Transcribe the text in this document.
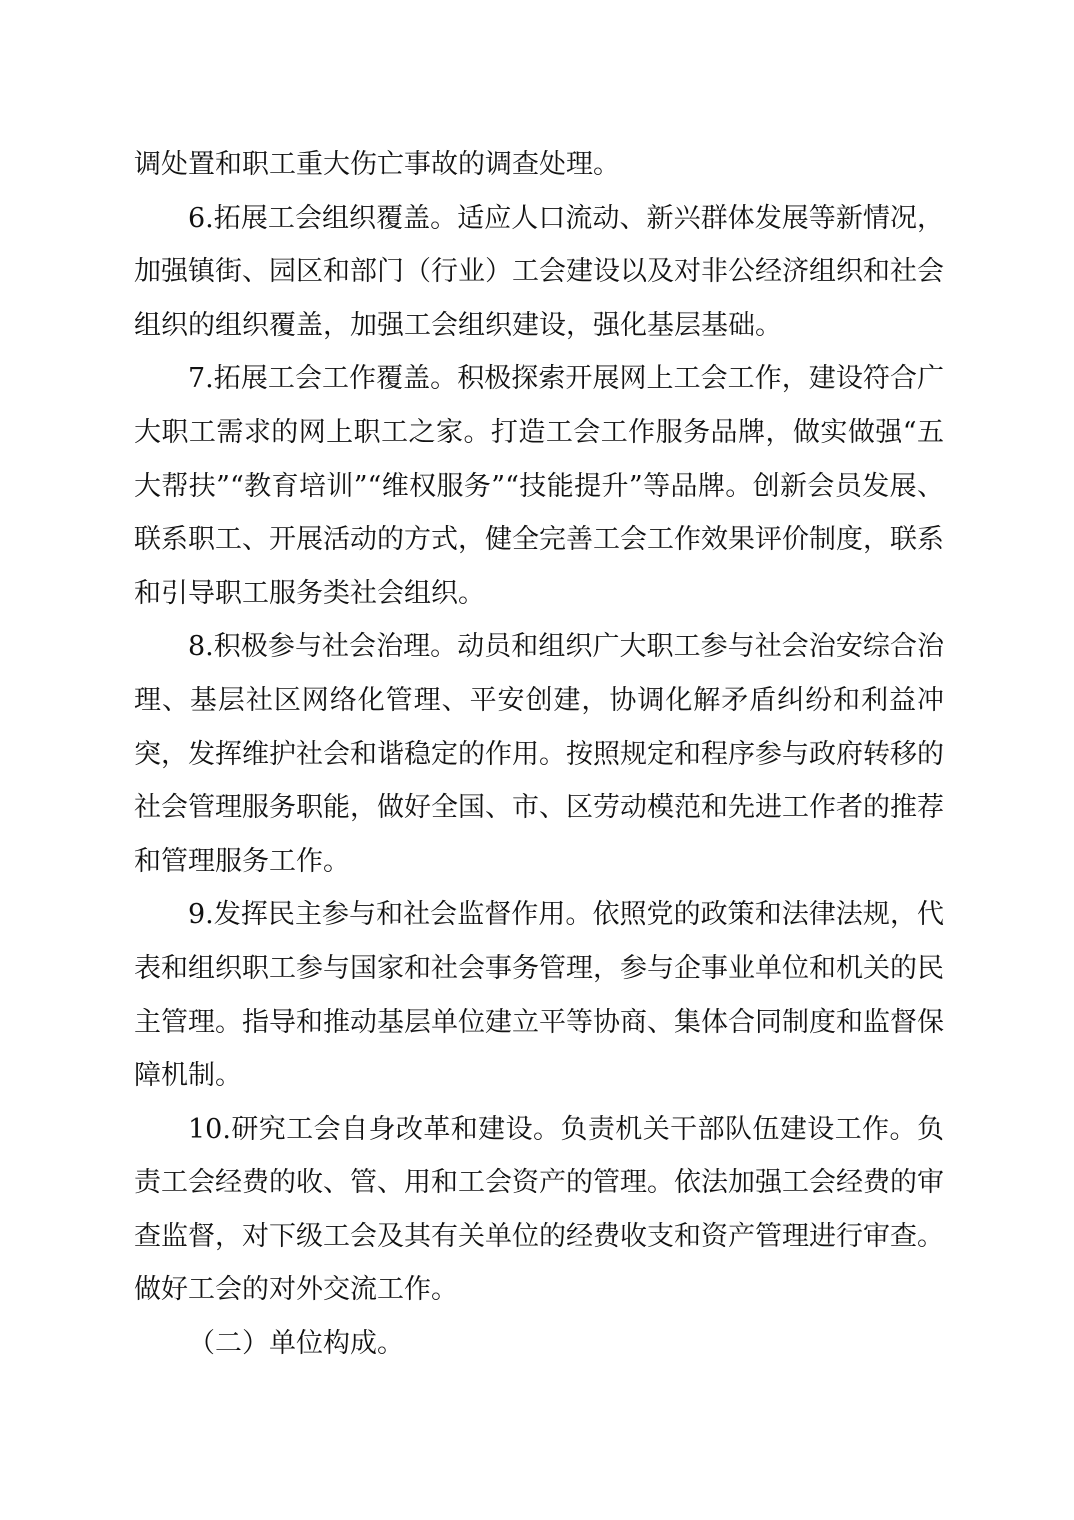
调处置和职工重大伤亡事故的调查处理。

6.拓展工会组织覆盖。适应人口流动、新兴群体发展等新情况，加强镇街、园区和部门（行业）工会建设以及对非公经济组织和社会组织的组织覆盖，加强工会组织建设，强化基层基础。

7.拓展工会工作覆盖。积极探索开展网上工会工作，建设符合广大职工需求的网上职工之家。打造工会工作服务品牌，做实做强“五大帮扶”“教育培训”“维权服务”“技能提升”等品牌。创新会员发展、联系职工、开展活动的方式，健全完善工会工作效果评价制度，联系和引导职工服务类社会组织。

8.积极参与社会治理。动员和组织广大职工参与社会治安综合治理、基层社区网络化管理、平安创建，协调化解矛盾纠纷和利益冲突，发挥维护社会和谐稳定的作用。按照规定和程序参与政府转移的社会管理服务职能，做好全国、市、区劳动模范和先进工作者的推荐和管理服务工作。

9.发挥民主参与和社会监督作用。依照党的政策和法律法规，代表和组织职工参与国家和社会事务管理，参与企事业单位和机关的民主管理。指导和推动基层单位建立平等协商、集体合同制度和监督保障机制。

10.研究工会自身改革和建设。负责机关干部队伍建设工作。负责工会经费的收、管、用和工会资产的管理。依法加强工会经费的审查监督，对下级工会及其有关单位的经费收支和资产管理进行审查。做好工会的对外交流工作。

（二）单位构成。
